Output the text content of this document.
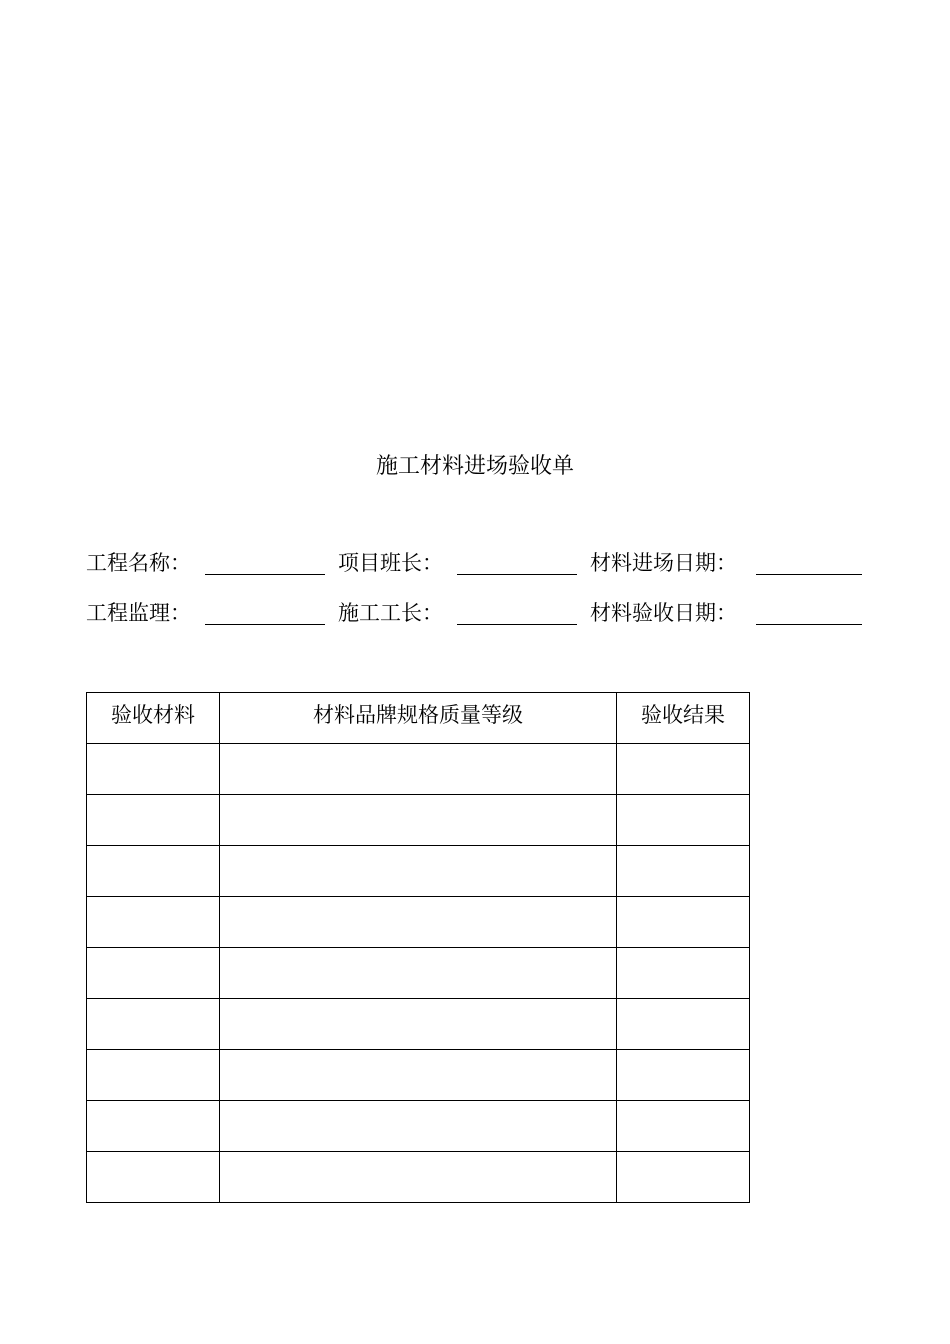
施工材料进场验收单
工程名称：	项目班长：	材料进场日期：
工程监理：	施工工长：	材料验收日期：
验收材料	材料品牌规格质量等级	验收结果
